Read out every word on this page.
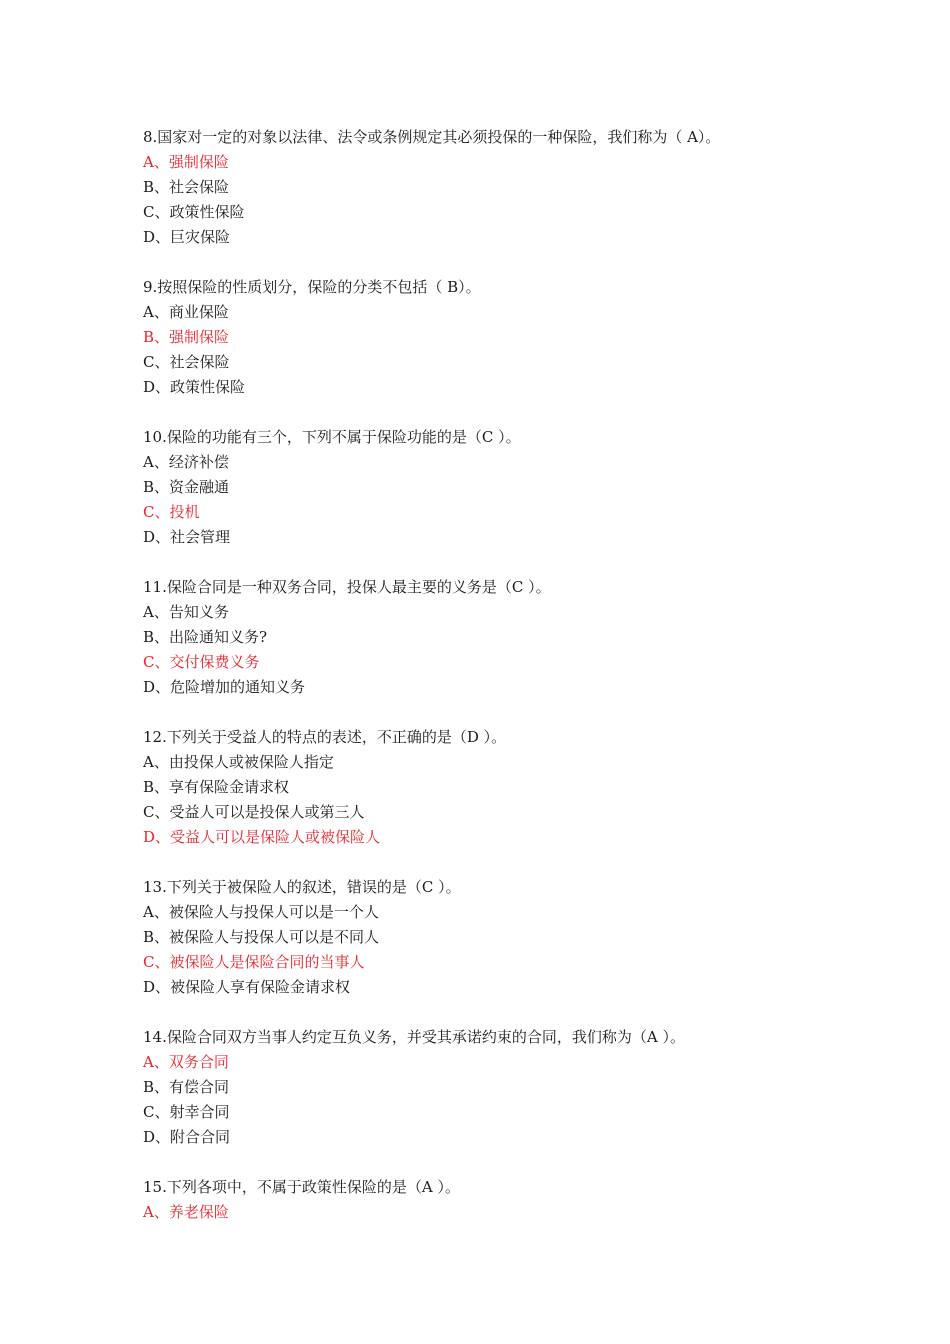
8.国家对一定的对象以法律、法令或条例规定其必须投保的一种保险，我们称为（ A）。
A、强制保险
B、社会保险
C、政策性保险
D、巨灾保险
9.按照保险的性质划分，保险的分类不包括（ B）。
A、商业保险
B、强制保险
C、社会保险
D、政策性保险
10.保险的功能有三个，下列不属于保险功能的是（C ）。
A、经济补偿
B、资金融通
C、投机
D、社会管理
11.保险合同是一种双务合同，投保人最主要的义务是（C ）。
A、告知义务
B、出险通知义务?
C、交付保费义务
D、危险增加的通知义务
12.下列关于受益人的特点的表述，不正确的是（D ）。
A、由投保人或被保险人指定
B、享有保险金请求权
C、受益人可以是投保人或第三人
D、受益人可以是保险人或被保险人
13.下列关于被保险人的叙述，错误的是（C ）。
A、被保险人与投保人可以是一个人
B、被保险人与投保人可以是不同人
C、被保险人是保险合同的当事人
D、被保险人享有保险金请求权
14.保险合同双方当事人约定互负义务，并受其承诺约束的合同，我们称为（A ）。
A、双务合同
B、有偿合同
C、射幸合同
D、附合合同
15.下列各项中，不属于政策性保险的是（A ）。
A、养老保险
